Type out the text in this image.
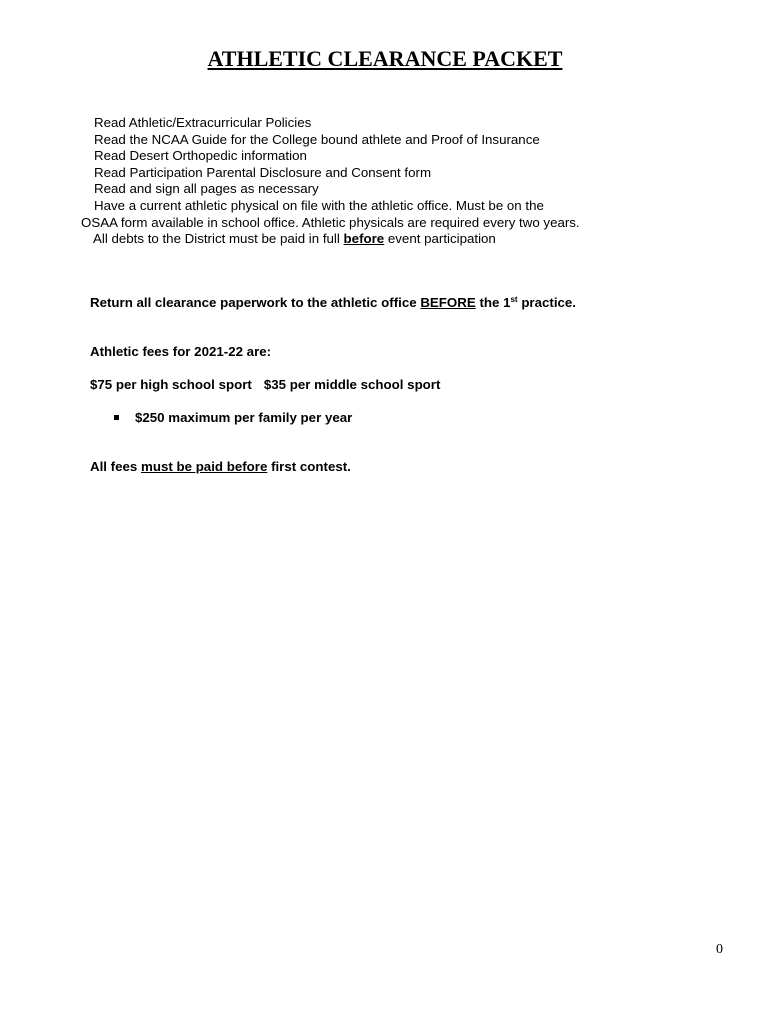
ATHLETIC CLEARANCE PACKET
Read Athletic/Extracurricular Policies
Read the NCAA Guide for the College bound athlete and Proof of Insurance
Read Desert Orthopedic information
Read Participation Parental Disclosure and Consent form
Read and sign all pages as necessary
Have a current athletic physical on file with the athletic office. Must be on the
OSAA form available in school office. Athletic physicals are required every two years.
All debts to the District must be paid in full before event participation
Return all clearance paperwork to the athletic office BEFORE the 1st practice.
Athletic fees for 2021-22 are:
$75 per high school sport $35 per middle school sport
$250 maximum per family per year
All fees must be paid before first contest.
0
